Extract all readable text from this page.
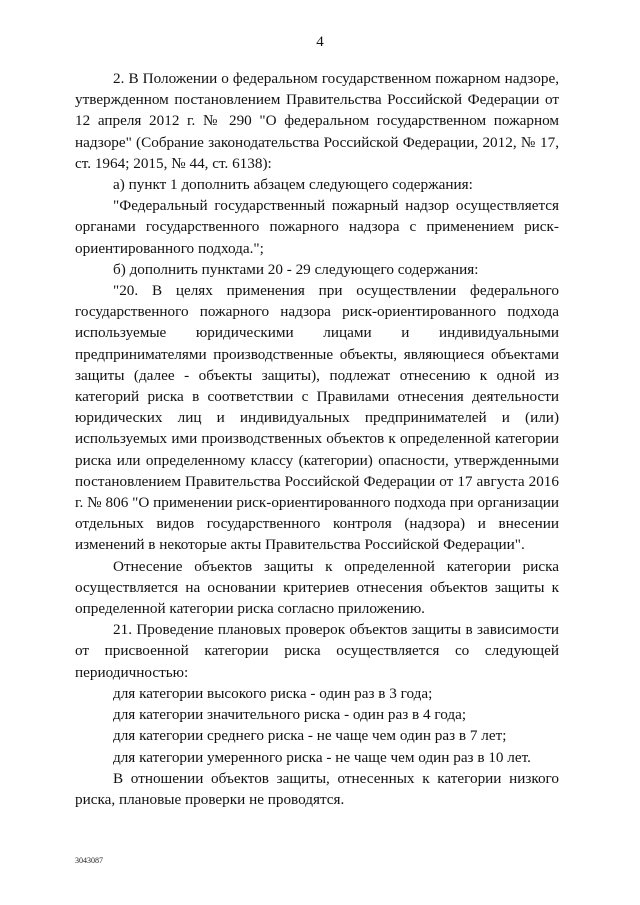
4

2. В Положении о федеральном государственном пожарном надзоре, утвержденном постановлением Правительства Российской Федерации от 12 апреля 2012 г. № 290 "О федеральном государственном пожарном надзоре" (Собрание законодательства Российской Федерации, 2012, № 17, ст. 1964; 2015, № 44, ст. 6138):

а) пункт 1 дополнить абзацем следующего содержания:

"Федеральный государственный пожарный надзор осуществляется органами государственного пожарного надзора с применением риск-ориентированного подхода.";

б) дополнить пунктами 20 - 29 следующего содержания:

"20. В целях применения при осуществлении федерального государственного пожарного надзора риск-ориентированного подхода используемые юридическими лицами и индивидуальными предпринимателями производственные объекты, являющиеся объектами защиты (далее - объекты защиты), подлежат отнесению к одной из категорий риска в соответствии с Правилами отнесения деятельности юридических лиц и индивидуальных предпринимателей и (или) используемых ими производственных объектов к определенной категории риска или определенному классу (категории) опасности, утвержденными постановлением Правительства Российской Федерации от 17 августа 2016 г. № 806 "О применении риск-ориентированного подхода при организации отдельных видов государственного контроля (надзора) и внесении изменений в некоторые акты Правительства Российской Федерации".

Отнесение объектов защиты к определенной категории риска осуществляется на основании критериев отнесения объектов защиты к определенной категории риска согласно приложению.

21. Проведение плановых проверок объектов защиты в зависимости от присвоенной категории риска осуществляется со следующей периодичностью:

для категории высокого риска - один раз в 3 года;

для категории значительного риска - один раз в 4 года;

для категории среднего риска - не чаще чем один раз в 7 лет;

для категории умеренного риска - не чаще чем один раз в 10 лет.

В отношении объектов защиты, отнесенных к категории низкого риска, плановые проверки не проводятся.

3043087
